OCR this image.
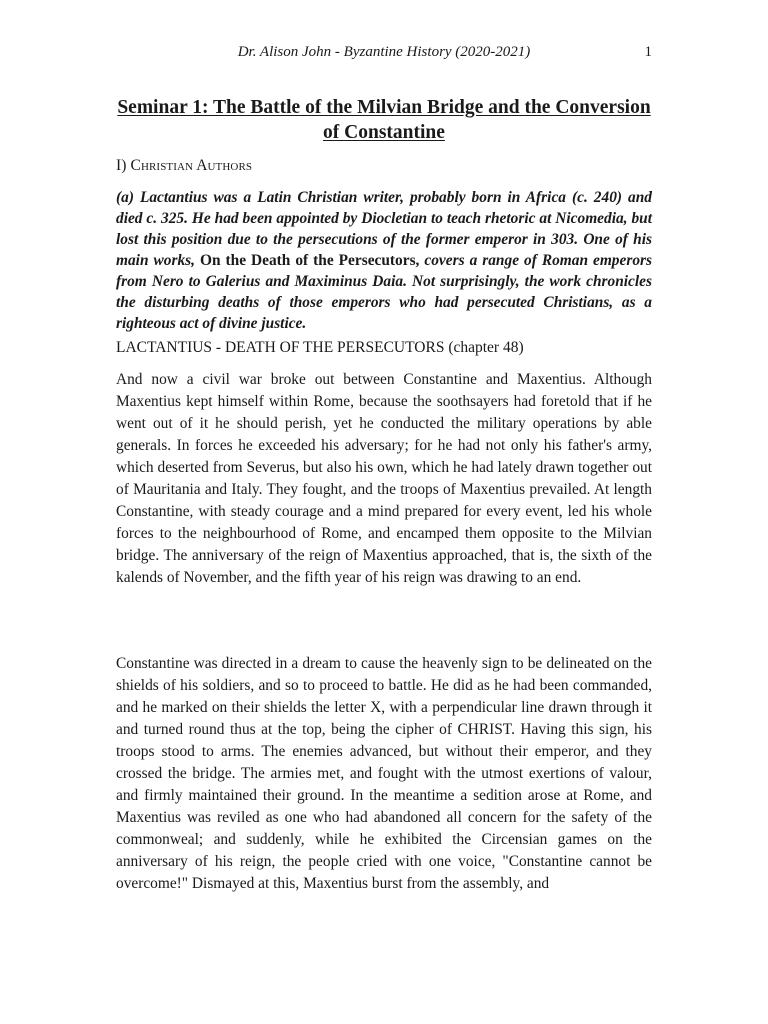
Dr. Alison John - Byzantine History (2020-2021)	1
Seminar 1: The Battle of the Milvian Bridge and the Conversion of Constantine
I) Christian Authors
(a) Lactantius was a Latin Christian writer, probably born in Africa (c. 240) and died c. 325. He had been appointed by Diocletian to teach rhetoric at Nicomedia, but lost this position due to the persecutions of the former emperor in 303. One of his main works, On the Death of the Persecutors, covers a range of Roman emperors from Nero to Galerius and Maximinus Daia. Not surprisingly, the work chronicles the disturbing deaths of those emperors who had persecuted Christians, as a righteous act of divine justice.
LACTANTIUS - DEATH OF THE PERSECUTORS (chapter 48)
And now a civil war broke out between Constantine and Maxentius. Although Maxentius kept himself within Rome, because the soothsayers had foretold that if he went out of it he should perish, yet he conducted the military operations by able generals. In forces he exceeded his adversary; for he had not only his father's army, which deserted from Severus, but also his own, which he had lately drawn together out of Mauritania and Italy. They fought, and the troops of Maxentius prevailed. At length Constantine, with steady courage and a mind prepared for every event, led his whole forces to the neighbourhood of Rome, and encamped them opposite to the Milvian bridge. The anniversary of the reign of Maxentius approached, that is, the sixth of the kalends of November, and the fifth year of his reign was drawing to an end.
Constantine was directed in a dream to cause the heavenly sign to be delineated on the shields of his soldiers, and so to proceed to battle. He did as he had been commanded, and he marked on their shields the letter X, with a perpendicular line drawn through it and turned round thus at the top, being the cipher of CHRIST. Having this sign, his troops stood to arms. The enemies advanced, but without their emperor, and they crossed the bridge. The armies met, and fought with the utmost exertions of valour, and firmly maintained their ground. In the meantime a sedition arose at Rome, and Maxentius was reviled as one who had abandoned all concern for the safety of the commonweal; and suddenly, while he exhibited the Circensian games on the anniversary of his reign, the people cried with one voice, "Constantine cannot be overcome!" Dismayed at this, Maxentius burst from the assembly, and
